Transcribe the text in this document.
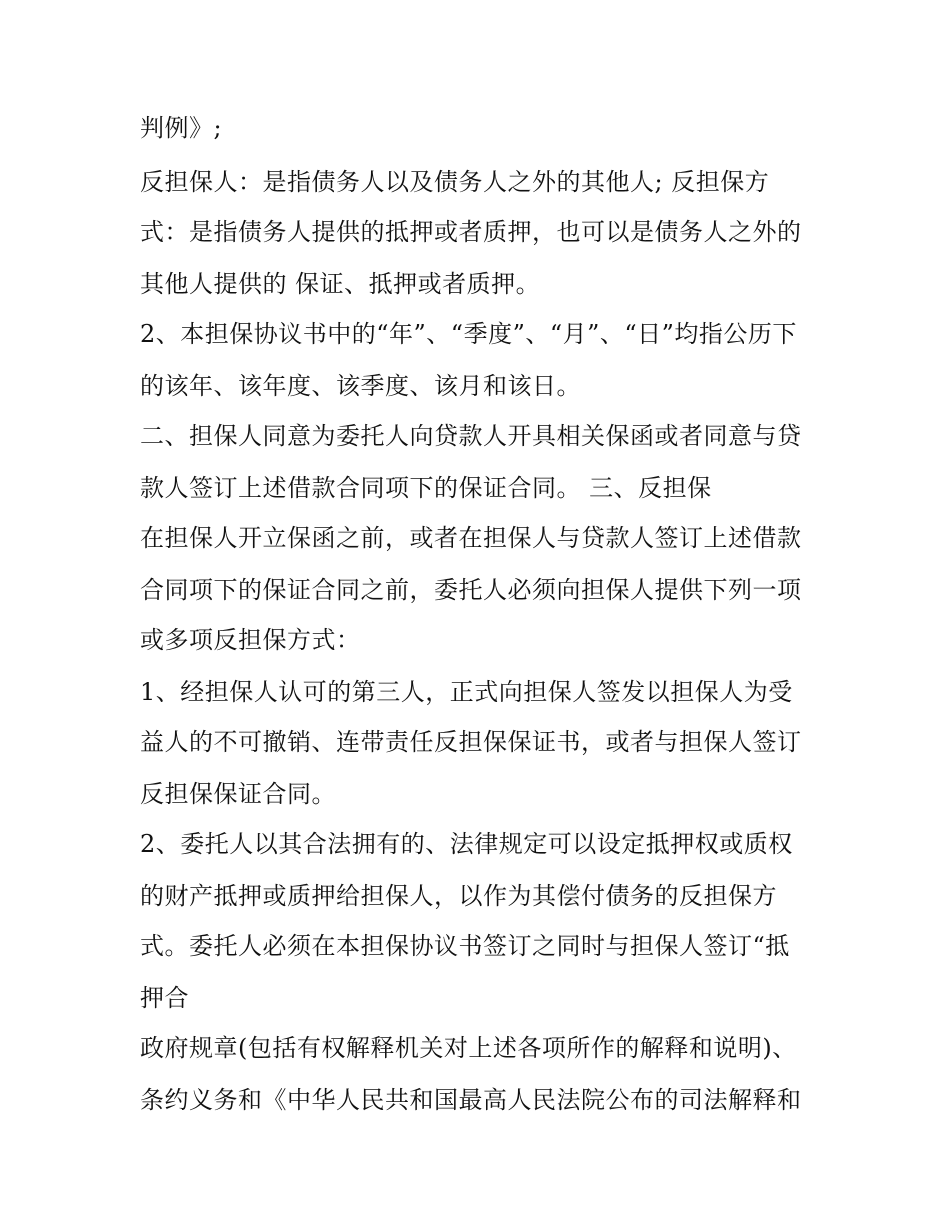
判例》;
反担保人：是指债务人以及债务人之外的其他人; 反担保方
式：是指债务人提供的抵押或者质押，也可以是债务人之外的
其他人提供的 保证、抵押或者质押。
2、本担保协议书中的“年”、“季度”、“月”、“日”均指公历下
的该年、该年度、该季度、该月和该日。
二、担保人同意为委托人向贷款人开具相关保函或者同意与贷
款人签订上述借款合同项下的保证合同。 三、反担保
在担保人开立保函之前，或者在担保人与贷款人签订上述借款
合同项下的保证合同之前，委托人必须向担保人提供下列一项
或多项反担保方式：
1、经担保人认可的第三人，正式向担保人签发以担保人为受
益人的不可撤销、连带责任反担保保证书，或者与担保人签订
反担保保证合同。
2、委托人以其合法拥有的、法律规定可以设定抵押权或质权
的财产抵押或质押给担保人，以作为其偿付债务的反担保方
式。委托人必须在本担保协议书签订之同时与担保人签订“抵
押合
政府规章(包括有权解释机关对上述各项所作的解释和说明)、
条约义务和《中华人民共和国最高人民法院公布的司法解释和
